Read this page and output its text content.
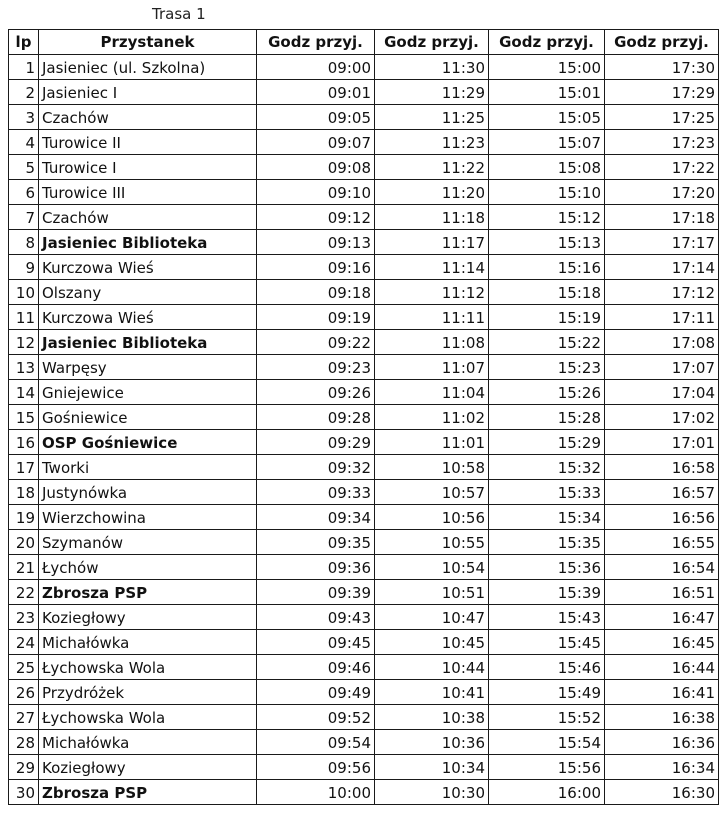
Trasa 1
lp	Przystanek	Godz przyj.	Godz przyj.	Godz przyj.	Godz przyj.
1	Jasieniec (ul. Szkolna)	09:00	11:30	15:00	17:30
2	Jasieniec I	09:01	11:29	15:01	17:29
3	Czachów	09:05	11:25	15:05	17:25
4	Turowice II	09:07	11:23	15:07	17:23
5	Turowice I	09:08	11:22	15:08	17:22
6	Turowice III	09:10	11:20	15:10	17:20
7	Czachów	09:12	11:18	15:12	17:18
8	Jasieniec Biblioteka	09:13	11:17	15:13	17:17
9	Kurczowa Wieś	09:16	11:14	15:16	17:14
10	Olszany	09:18	11:12	15:18	17:12
11	Kurczowa Wieś	09:19	11:11	15:19	17:11
12	Jasieniec Biblioteka	09:22	11:08	15:22	17:08
13	Warpęsy	09:23	11:07	15:23	17:07
14	Gniejewice	09:26	11:04	15:26	17:04
15	Gośniewice	09:28	11:02	15:28	17:02
16	OSP Gośniewice	09:29	11:01	15:29	17:01
17	Tworki	09:32	10:58	15:32	16:58
18	Justynówka	09:33	10:57	15:33	16:57
19	Wierzchowina	09:34	10:56	15:34	16:56
20	Szymanów	09:35	10:55	15:35	16:55
21	Łychów	09:36	10:54	15:36	16:54
22	Zbrosza PSP	09:39	10:51	15:39	16:51
23	Koziegłowy	09:43	10:47	15:43	16:47
24	Michałówka	09:45	10:45	15:45	16:45
25	Łychowska Wola	09:46	10:44	15:46	16:44
26	Przydróżek	09:49	10:41	15:49	16:41
27	Łychowska Wola	09:52	10:38	15:52	16:38
28	Michałówka	09:54	10:36	15:54	16:36
29	Koziegłowy	09:56	10:34	15:56	16:34
30	Zbrosza PSP	10:00	10:30	16:00	16:30
